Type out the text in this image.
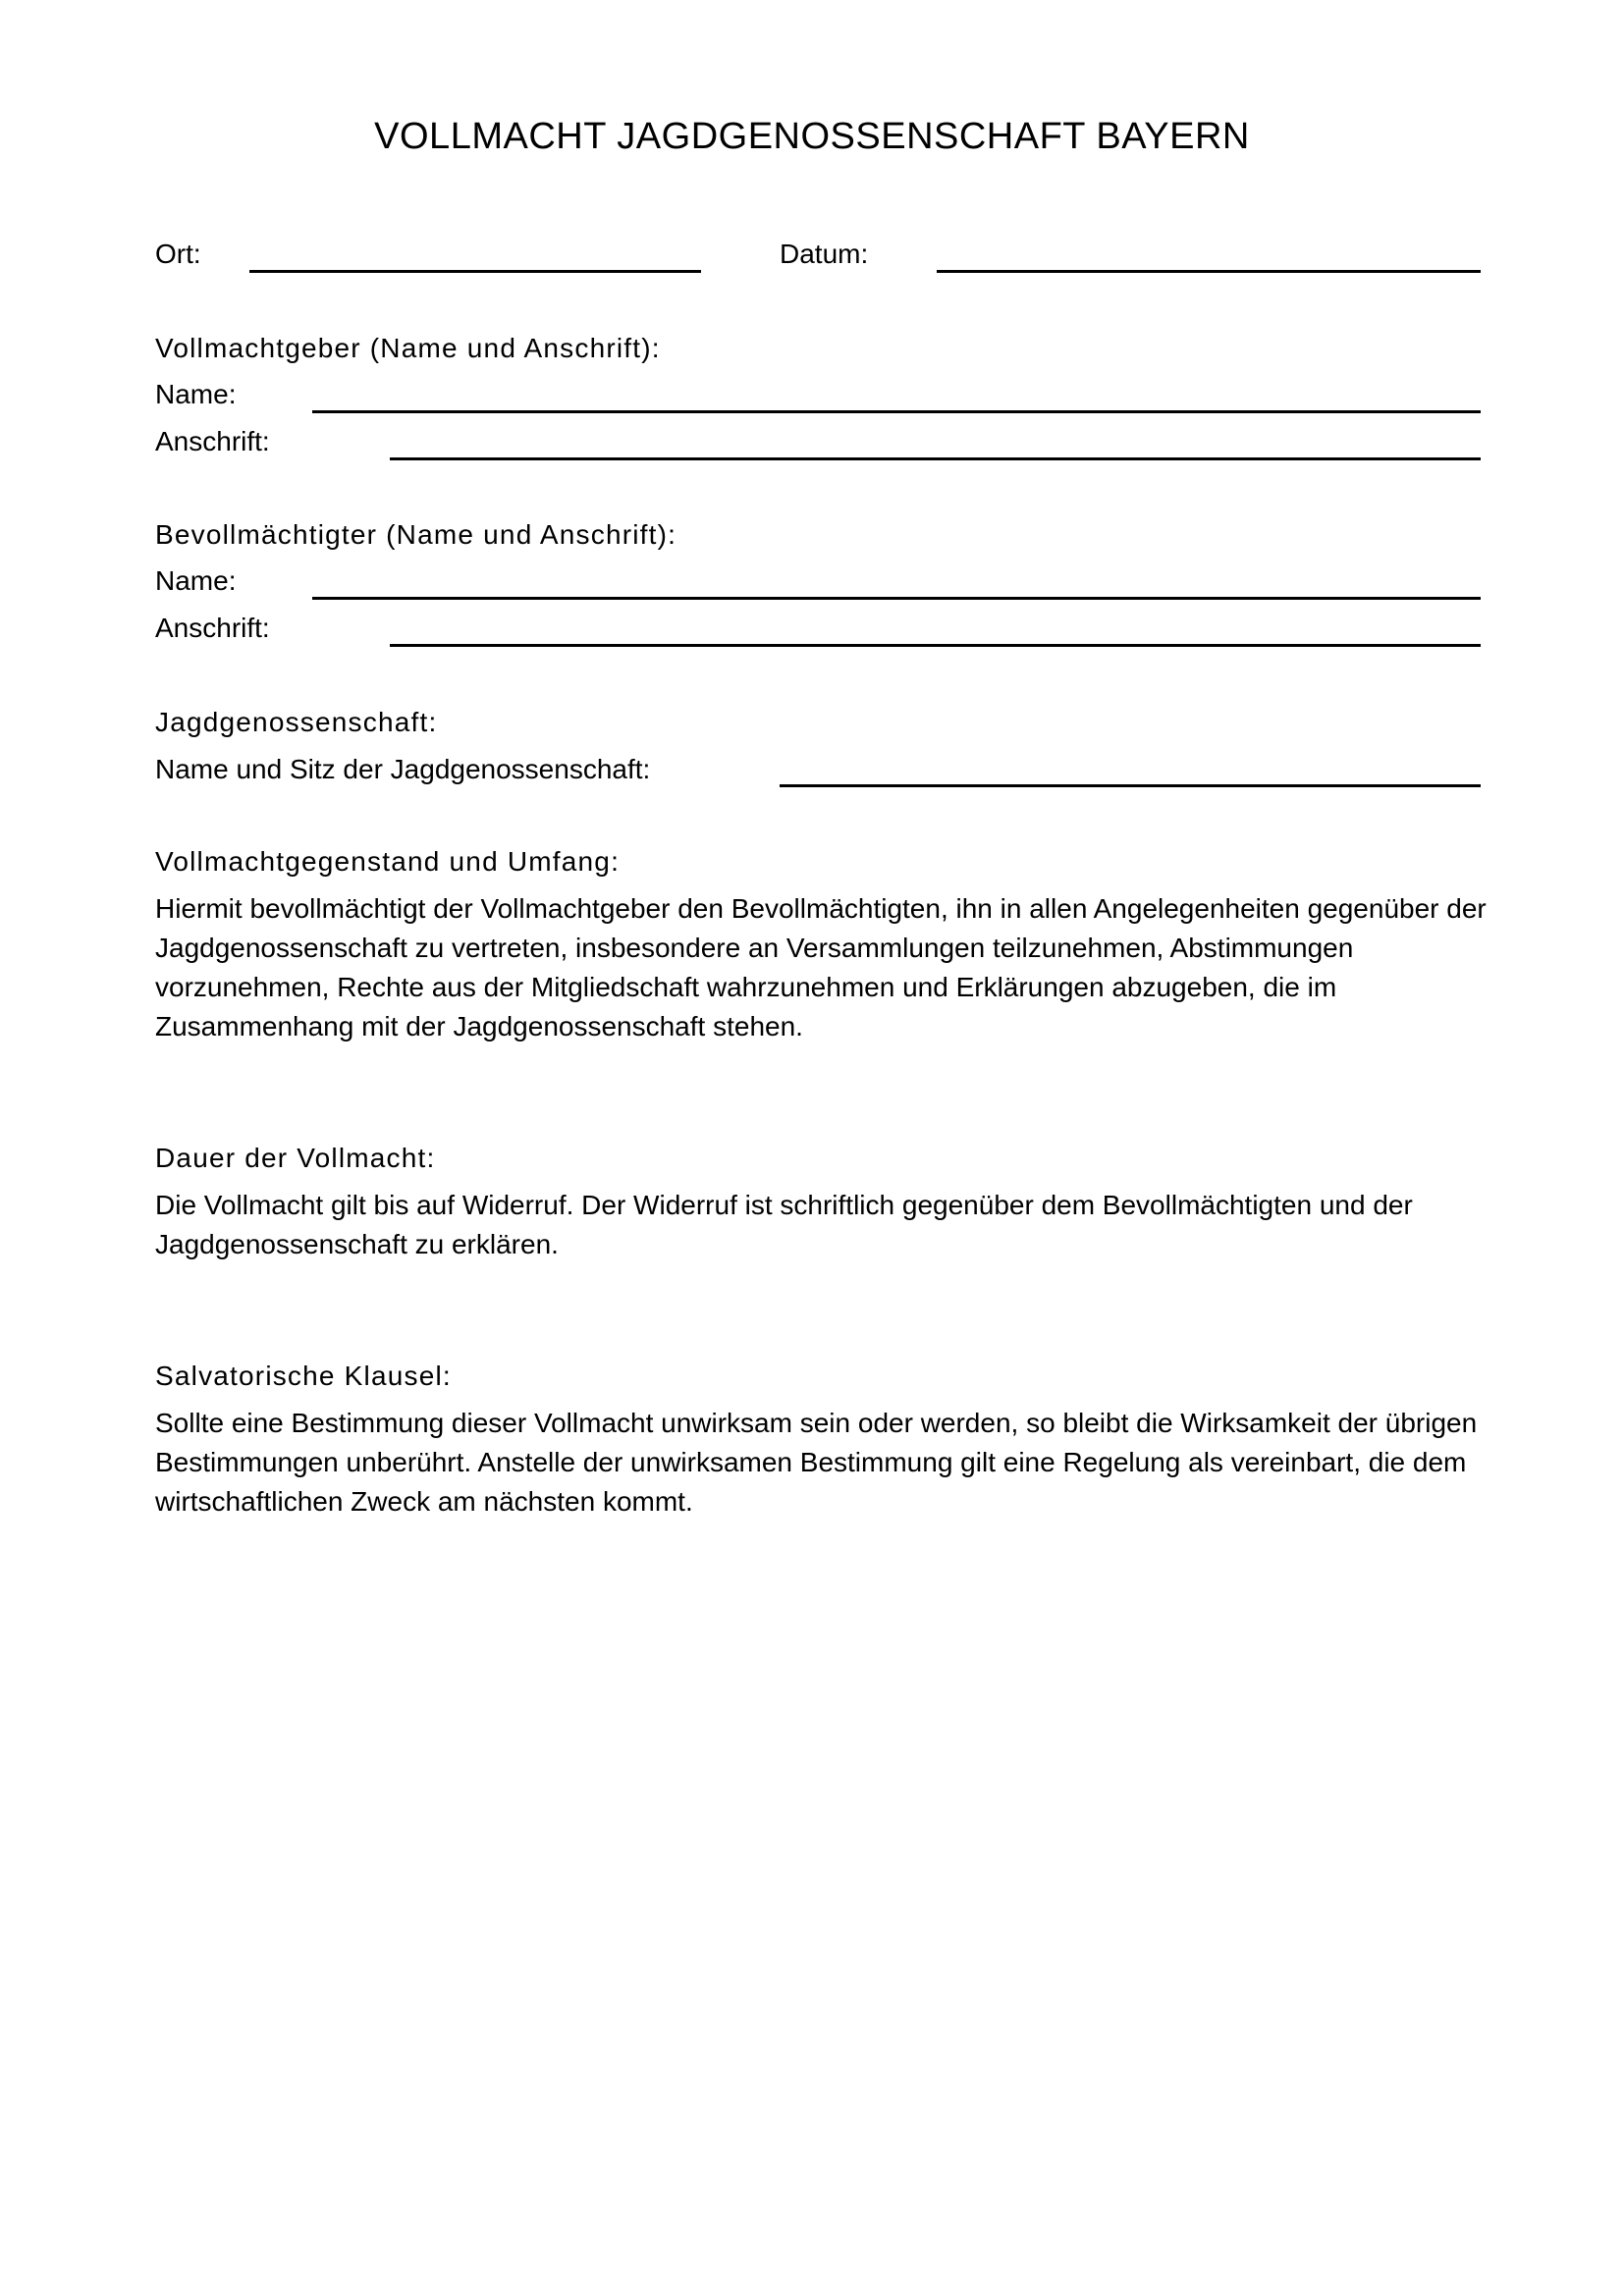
VOLLMACHT JAGDGENOSSENSCHAFT BAYERN
Ort:	Datum:
Vollmachtgeber (Name und Anschrift):
Name:
Anschrift:
Bevollmächtigter (Name und Anschrift):
Name:
Anschrift:
Jagdgenossenschaft:
Name und Sitz der Jagdgenossenschaft:
Vollmachtgegenstand und Umfang:
Hiermit bevollmächtigt der Vollmachtgeber den Bevollmächtigten, ihn in allen Angelegenheiten gegenüber der Jagdgenossenschaft zu vertreten, insbesondere an Versammlungen teilzunehmen, Abstimmungen vorzunehmen, Rechte aus der Mitgliedschaft wahrzunehmen und Erklärungen abzugeben, die im Zusammenhang mit der Jagdgenossenschaft stehen.
Dauer der Vollmacht:
Die Vollmacht gilt bis auf Widerruf. Der Widerruf ist schriftlich gegenüber dem Bevollmächtigten und der Jagdgenossenschaft zu erklären.
Salvatorische Klausel:
Sollte eine Bestimmung dieser Vollmacht unwirksam sein oder werden, so bleibt die Wirksamkeit der übrigen Bestimmungen unberührt. Anstelle der unwirksamen Bestimmung gilt eine Regelung als vereinbart, die dem wirtschaftlichen Zweck am nächsten kommt.
